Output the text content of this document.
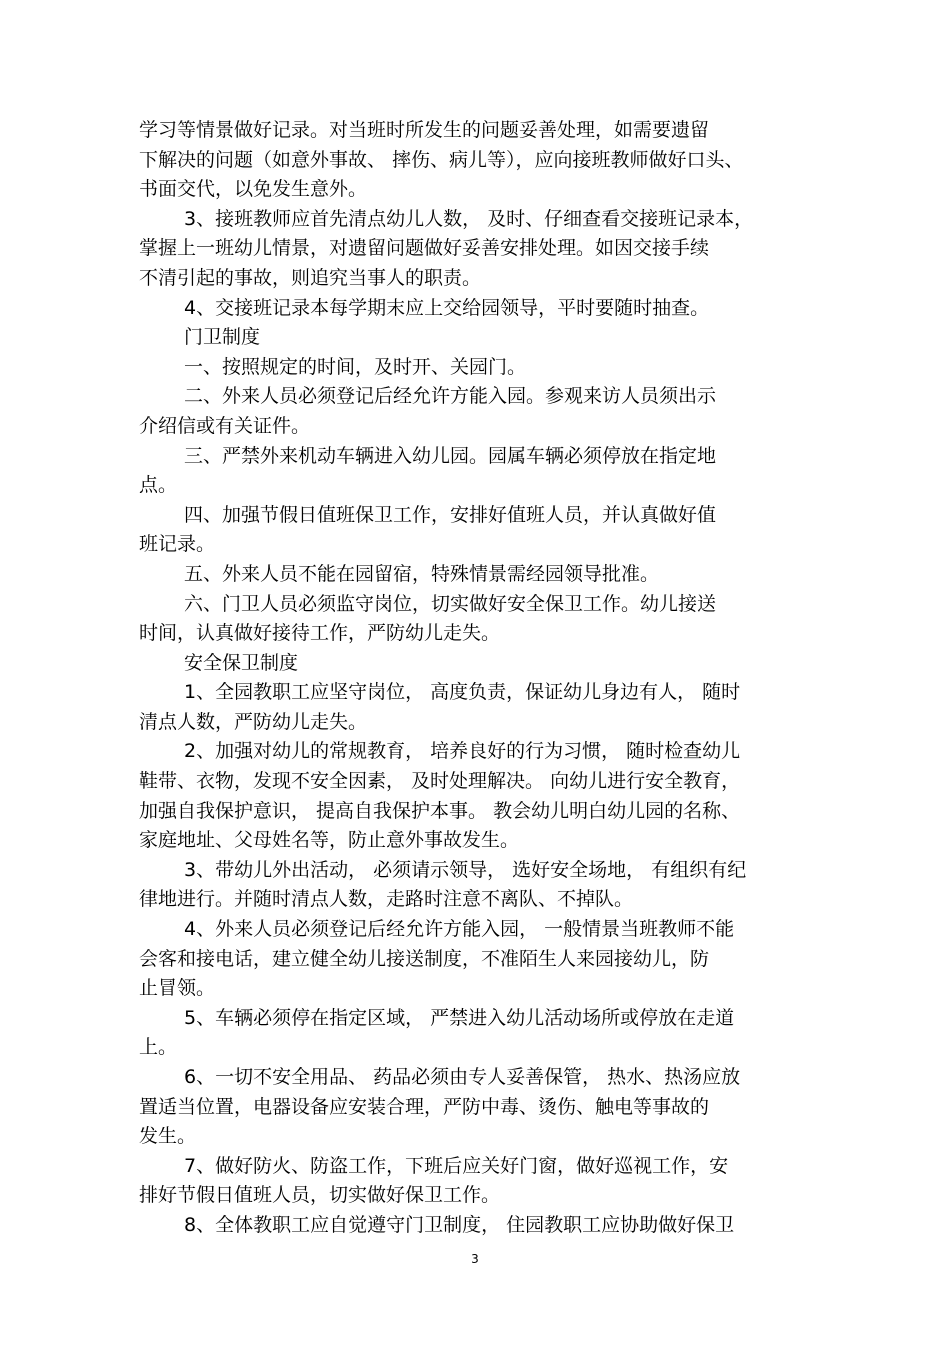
学习等情景做好记录。对当班时所发生的问题妥善处理，如需要遗留
下解决的问题（如意外事故、 摔伤、病儿等），应向接班教师做好口头、
书面交代，以免发生意外。
3、接班教师应首先清点幼儿人数， 及时、仔细查看交接班记录本，
掌握上一班幼儿情景，对遗留问题做好妥善安排处理。如因交接手续
不清引起的事故，则追究当事人的职责。
4、交接班记录本每学期末应上交给园领导，平时要随时抽查。
门卫制度
一、按照规定的时间，及时开、关园门。
二、外来人员必须登记后经允许方能入园。参观来访人员须出示
介绍信或有关证件。
三、严禁外来机动车辆进入幼儿园。园属车辆必须停放在指定地
点。
四、加强节假日值班保卫工作，安排好值班人员，并认真做好值
班记录。
五、外来人员不能在园留宿，特殊情景需经园领导批准。
六、门卫人员必须监守岗位，切实做好安全保卫工作。幼儿接送
时间，认真做好接待工作，严防幼儿走失。
安全保卫制度
1、全园教职工应坚守岗位， 高度负责，保证幼儿身边有人， 随时
清点人数，严防幼儿走失。
2、加强对幼儿的常规教育， 培养良好的行为习惯， 随时检查幼儿
鞋带、衣物，发现不安全因素， 及时处理解决。 向幼儿进行安全教育，
加强自我保护意识， 提高自我保护本事。 教会幼儿明白幼儿园的名称、
家庭地址、父母姓名等，防止意外事故发生。
3、带幼儿外出活动， 必须请示领导， 选好安全场地， 有组织有纪
律地进行。并随时清点人数，走路时注意不离队、不掉队。
4、外来人员必须登记后经允许方能入园， 一般情景当班教师不能
会客和接电话，建立健全幼儿接送制度，不准陌生人来园接幼儿，防
止冒领。
5、车辆必须停在指定区域， 严禁进入幼儿活动场所或停放在走道
上。
6、一切不安全用品、 药品必须由专人妥善保管， 热水、热汤应放
置适当位置，电器设备应安装合理，严防中毒、烫伤、触电等事故的
发生。
7、做好防火、防盗工作，下班后应关好门窗，做好巡视工作，安
排好节假日值班人员，切实做好保卫工作。
8、全体教职工应自觉遵守门卫制度， 住园教职工应协助做好保卫
3
